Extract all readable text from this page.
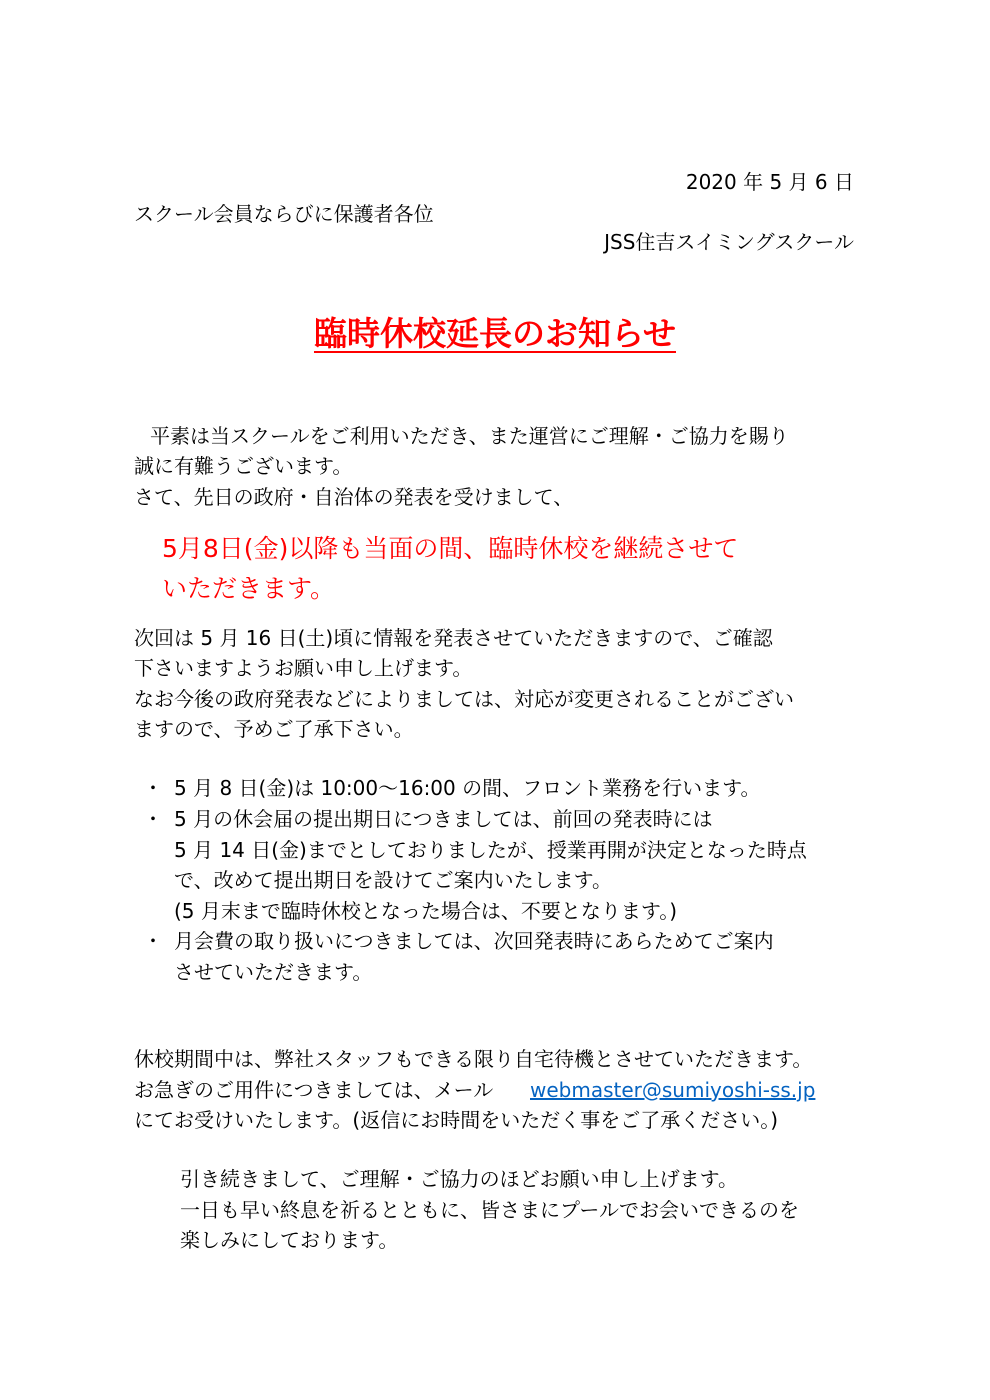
2020 年 5 月 6 日
スクール会員ならびに保護者各位
JSS住吉スイミングスクール
臨時休校延長のお知らせ
平素は当スクールをご利用いただき、また運営にご理解・ご協力を賜り
誠に有難うございます。
さて、先日の政府・自治体の発表を受けまして、
5月8日(金)以降も当面の間、臨時休校を継続させて
いただきます。
次回は 5 月 16 日(土)頃に情報を発表させていただきますので、ご確認
下さいますようお願い申し上げます。
なお今後の政府発表などによりましては、対応が変更されることがござい
ますので、予めご了承下さい。
・ 5 月 8 日(金)は 10:00～16:00 の間、フロント業務を行います。
・ 5 月の休会届の提出期日につきましては、前回の発表時には
5 月 14 日(金)までとしておりましたが、授業再開が決定となった時点
で、改めて提出期日を設けてご案内いたします。
(5 月末まで臨時休校となった場合は、不要となります。)
・ 月会費の取り扱いにつきましては、次回発表時にあらためてご案内
させていただきます。
休校期間中は、弊社スタッフもできる限り自宅待機とさせていただきます。
お急ぎのご用件につきましては、メール webmaster@sumiyoshi-ss.jp
にてお受けいたします。(返信にお時間をいただく事をご了承ください。)
引き続きまして、ご理解・ご協力のほどお願い申し上げます。
一日も早い終息を祈るとともに、皆さまにプールでお会いできるのを
楽しみにしております。
